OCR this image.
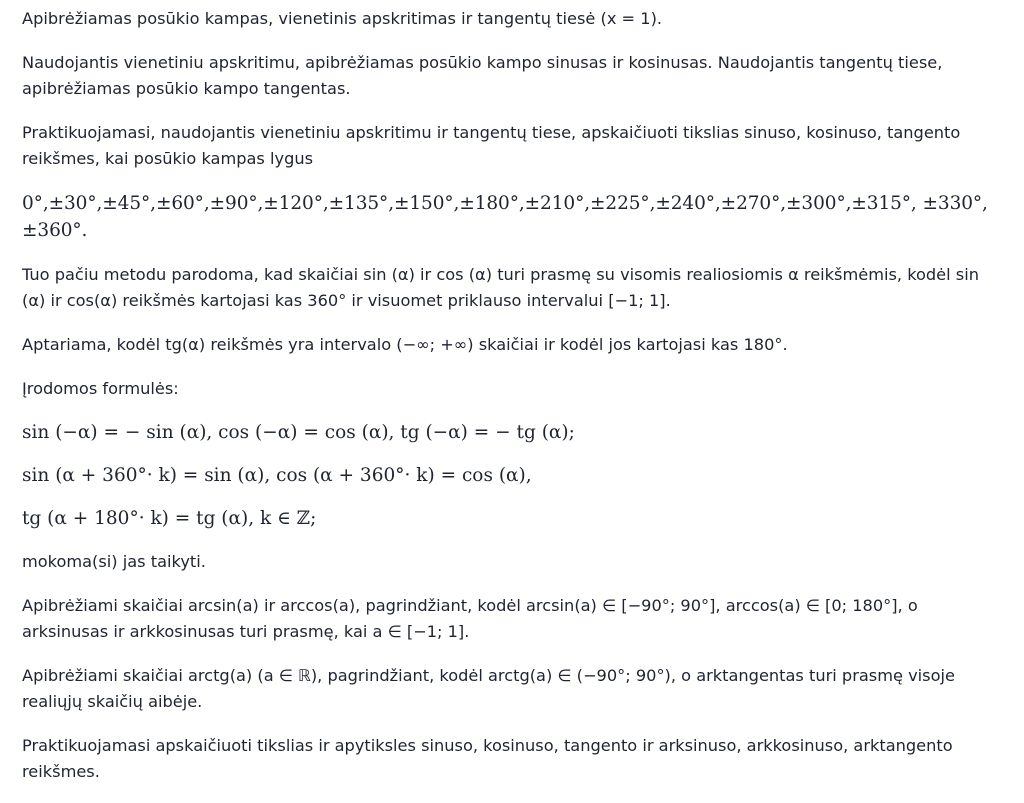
Apibrėžiamas posūkio kampas, vienetinis apskritimas ir tangentų tiesė (x = 1).

Naudojantis vienetiniu apskritimu, apibrėžiamas posūkio kampo sinusas ir kosinusas. Naudojantis tangentų tiese, apibrėžiamas posūkio kampo tangentas.

Praktikuojamasi, naudojantis vienetiniu apskritimu ir tangentų tiese, apskaičiuoti tikslias sinuso, kosinuso, tangento reikšmes, kai posūkio kampas lygus

0°,±30°,±45°,±60°,±90°,±120°,±135°,±150°,±180°,±210°,±225°,±240°,±270°,±300°,±315°, ±330°,±360°.

Tuo pačiu metodu parodoma, kad skaičiai sin (α) ir cos (α) turi prasmę su visomis realiosiomis α reikšmėmis, kodėl sin (α) ir cos(α) reikšmės kartojasi kas 360° ir visuomet priklauso intervalui [−1; 1].

Aptariama, kodėl tg(α) reikšmės yra intervalo (−∞; +∞) skaičiai ir kodėl jos kartojasi kas 180°.

Įrodomos formulės:

sin (−α) = − sin (α), cos (−α) = cos (α), tg (−α) = − tg (α);

sin (α + 360°· k) = sin (α), cos (α + 360°· k) = cos (α),

tg (α + 180°· k) = tg (α), k ∈ ℤ;

mokoma(si) jas taikyti.

Apibrėžiami skaičiai arcsin(a) ir arccos(a), pagrindžiant, kodėl arcsin(a) ∈ [−90°; 90°], arccos(a) ∈ [0; 180°], o arksinusas ir arkkosinusas turi prasmę, kai a ∈ [−1; 1].

Apibrėžiami skaičiai arctg(a) (a ∈ ℝ), pagrindžiant, kodėl arctg(a) ∈ (−90°; 90°), o arktangentas turi prasmę visoje realiųjų skaičių aibėje.

Praktikuojamasi apskaičiuoti tikslias ir apytiksles sinuso, kosinuso, tangento ir arksinuso, arkkosinuso, arktangento reikšmes.
